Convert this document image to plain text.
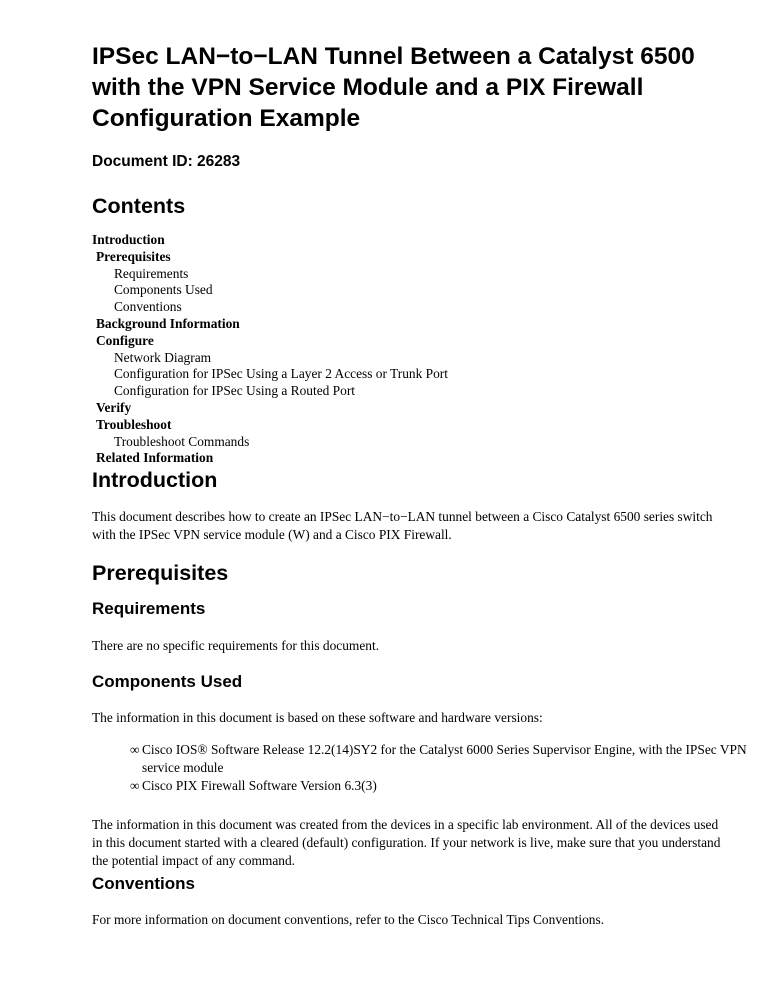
IPSec LAN−to−LAN Tunnel Between a Catalyst 6500 with the VPN Service Module and a PIX Firewall Configuration Example
Document ID: 26283
Contents
Introduction
Prerequisites
Requirements
Components Used
Conventions
Background Information
Configure
Network Diagram
Configuration for IPSec Using a Layer 2 Access or Trunk Port
Configuration for IPSec Using a Routed Port
Verify
Troubleshoot
Troubleshoot Commands
Related Information
Introduction

This document describes how to create an IPSec LAN−to−LAN tunnel between a Cisco Catalyst 6500 series switch with the IPSec VPN service module (W) and a Cisco PIX Firewall.

Prerequisites
Requirements

There are no specific requirements for this document.

Components Used

The information in this document is based on these software and hardware versions:

∞ Cisco IOS® Software Release 12.2(14)SY2 for the Catalyst 6000 Series Supervisor Engine, with the IPSec VPN service module
∞ Cisco PIX Firewall Software Version 6.3(3)

The information in this document was created from the devices in a specific lab environment. All of the devices used in this document started with a cleared (default) configuration. If your network is live, make sure that you understand the potential impact of any command.

Conventions

For more information on document conventions, refer to the Cisco Technical Tips Conventions.
